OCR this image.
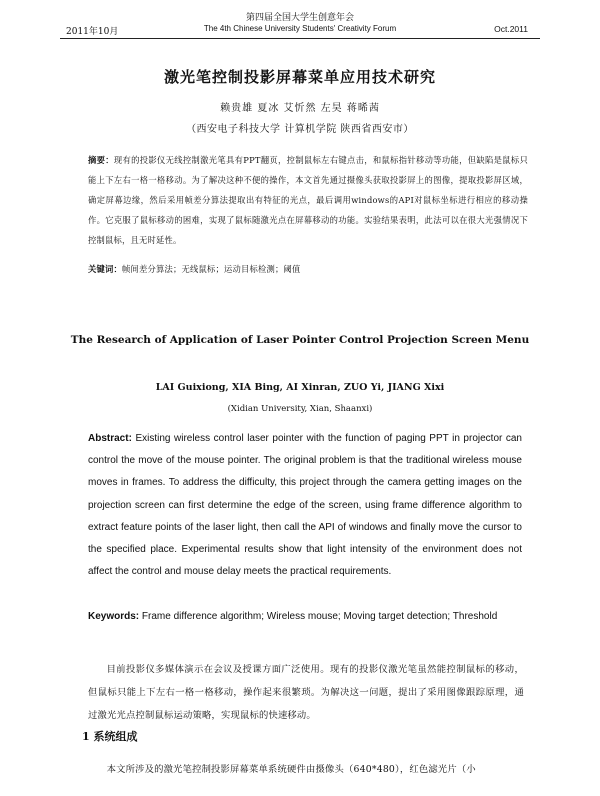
2011年10月
第四届全国大学生创意年会
The 4th Chinese University Students' Creativity Forum	Oct.2011
激光笔控制投影屏幕菜单应用技术研究
赖贵雄 夏冰 艾忻然 左昊 蒋晞茜
（西安电子科技大学 计算机学院 陕西省西安市）
摘要：现有的投影仪无线控制激光笔具有PPT翻页，控制鼠标左右键点击，和鼠标指针移动等功能，但缺陷是鼠标只能上下左右一格一格移动。为了解决这种不便的操作，本文首先通过摄像头获取投影屏上的图像，提取投影屏区域，确定屏幕边缘，然后采用帧差分算法提取出有特征的光点，最后调用windows的API对鼠标坐标进行相应的移动操作。它克服了鼠标移动的困难，实现了鼠标随激光点在屏幕移动的功能。实验结果表明，此法可以在很大光强情况下控制鼠标，且无时延性。
关键词：帧间差分算法；无线鼠标；运动目标检测；阈值
The Research of Application of Laser Pointer Control Projection Screen Menu
LAI Guixiong, XIA Bing, AI Xinran, ZUO Yi, JIANG Xixi
(Xidian University, Xian, Shaanxi)
Abstract: Existing wireless control laser pointer with the function of paging PPT in projector can control the move of the mouse pointer. The original problem is that the traditional wireless mouse moves in frames. To address the difficulty, this project through the camera getting images on the projection screen can first determine the edge of the screen, using frame difference algorithm to extract feature points of the laser light, then call the API of windows and finally move the cursor to the specified place. Experimental results show that light intensity of the environment does not affect the control and mouse delay meets the practical requirements.
Keywords: Frame difference algorithm; Wireless mouse; Moving target detection; Threshold
目前投影仪多媒体演示在会议及授课方面广泛使用。现有的投影仪激光笔虽然能控制鼠标的移动，但鼠标只能上下左右一格一格移动，操作起来很繁琐。为解决这一问题，提出了采用图像跟踪原理，通过激光光点控制鼠标运动策略，实现鼠标的快速移动。
1 系统组成
本文所涉及的激光笔控制投影屏幕菜单系统硬件由摄像头（640*480），红色滤光片（小
